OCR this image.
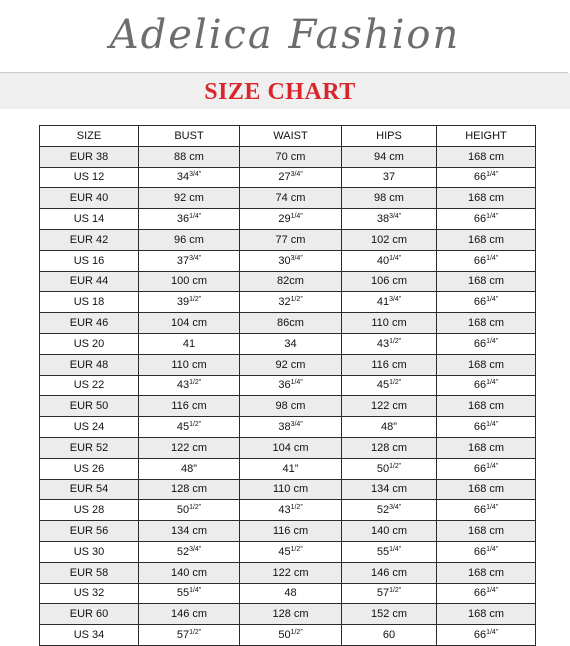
Adelica Fashion
SIZE CHART
SIZE	BUST	WAIST	HIPS	HEIGHT
EUR 38	88 cm	70 cm	94 cm	168 cm
US 12	$34^{3/4”}$	$27^{3/4”}$	37	$66^{1/4”}$
EUR 40	92 cm	74 cm	98 cm	168 cm
US 14	$36^{1/4”}$	$29^{1/4”}$	$38^{3/4”}$	$66^{1/4”}$
EUR 42	96 cm	77 cm	102 cm	168 cm
US 16	$37^{3/4”}$	$30^{3/4”}$	$40^{1/4”}$	$66^{1/4”}$
EUR 44	100 cm	82cm	106 cm	168 cm
US 18	$39^{1/2”}$	$32^{1/2”}$	$41^{3/4”}$	$66^{1/4”}$
EUR 46	104 cm	86cm	110 cm	168 cm
US 20	41	34	$43^{1/2”}$	$66^{1/4”}$
EUR 48	110 cm	92 cm	116 cm	168 cm
US 22	$43^{1/2”}$	$36^{1/4”}$	$45^{1/2”}$	$66^{1/4”}$
EUR 50	116 cm	98 cm	122 cm	168 cm
US 24	$45^{1/2”}$	$38^{3/4”}$	48”	$66^{1/4”}$
EUR 52	122 cm	104 cm	128 cm	168 cm
US 26	48”	41”	$50^{1/2”}$	$66^{1/4”}$
EUR 54	128 cm	110 cm	134 cm	168 cm
US 28	$50^{1/2”}$	$43^{1/2”}$	$52^{3/4”}$	$66^{1/4”}$
EUR 56	134 cm	116 cm	140 cm	168 cm
US 30	$52^{3/4”}$	$45^{1/2”}$	$55^{1/4”}$	$66^{1/4”}$
EUR 58	140 cm	122 cm	146 cm	168 cm
US 32	$55^{1/4”}$	48	$57^{1/2”}$	$66^{1/4”}$
EUR 60	146 cm	128 cm	152 cm	168 cm
US 34	$57^{1/2”}$	$50^{1/2”}$	60	$66^{1/4”}$
